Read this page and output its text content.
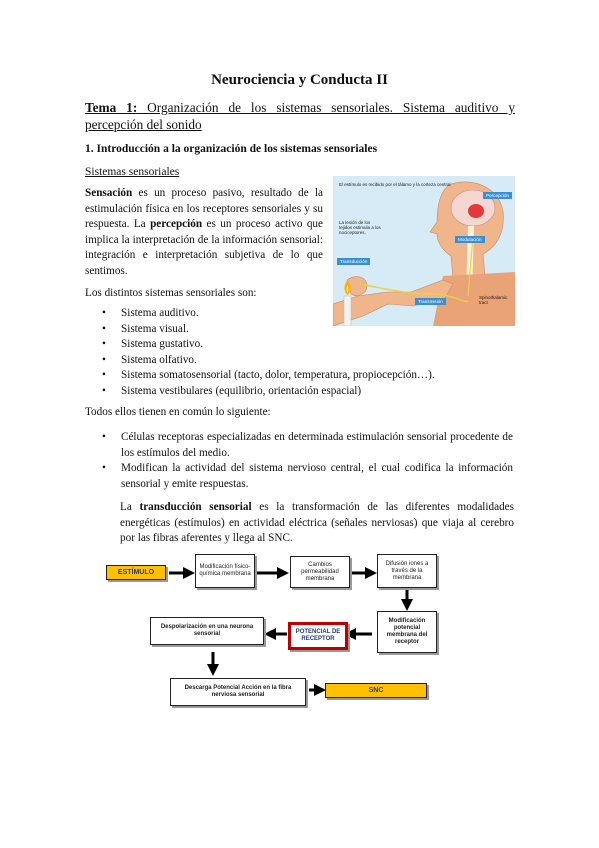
Neurociencia y Conducta II
Tema 1: Organización de los sistemas sensoriales. Sistema auditivo y percepción del sonido
1. Introducción a la organización de los sistemas sensoriales
Sistemas sensoriales
Sensación es un proceso pasivo, resultado de la estimulación física en los receptores sensoriales y su respuesta. La percepción es un proceso activo que implica la interpretación de la información sensorial: integración e interpretación subjetiva de lo que sentimos.
Los distintos sistemas sensoriales son:
• Sistema auditivo.
• Sistema visual.
• Sistema gustativo.
• Sistema olfativo.
• Sistema somatosensorial (tacto, dolor, temperatura, propiocepción…).
• Sistema vestibulares (equilibrio, orientación espacial)
Todos ellos tienen en común lo siguiente:
• Células receptoras especializadas en determinada estimulación sensorial procedente de los estímulos del medio.
• Modifican la actividad del sistema nervioso central, el cual codifica la información sensorial y emite respuestas.
La transducción sensorial es la transformación de las diferentes modalidades energéticas (estímulos) en actividad eléctrica (señales nerviosas) que viaja al cerebro por las fibras aferentes y llega al SNC.
El estímulo es recibido por el tálamo y la corteza central
La lesión de los tejidos estimula a los nociceptores.
Percepción
Modulación
Transducción
Transmisión
Spinothalamic tract
ESTÍMULO
Modificación físico-química membrana
Cambios permeabilidad membrana
Difusión iones a través de la membrana
Modificación potencial membrana del receptor
POTENCIAL DE RECEPTOR
Despolarización en una neurona sensorial
Descarga Potencial Acción en la fibra nerviosa sensorial
SNC
